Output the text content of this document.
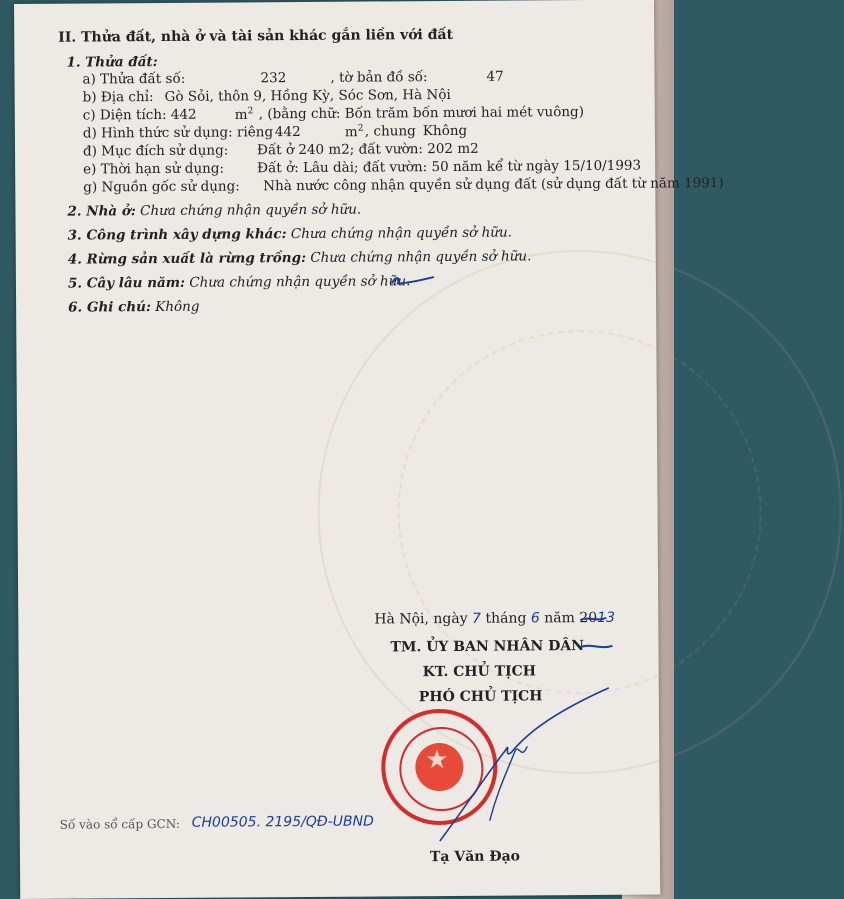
II. Thửa đất, nhà ở và tài sản khác gắn liền với đất
1. Thửa đất:
a) Thửa đất số:	232	, tờ bản đồ số:	47
b) Địa chỉ: Gò Sỏi, thôn 9, Hồng Kỳ, Sóc Sơn, Hà Nội
c) Diện tích: 442	$m^2$ , (bằng chữ: Bốn trăm bốn mươi hai mét vuông)
d) Hình thức sử dụng: riêng 442	$m^2$ , chung Không
đ) Mục đích sử dụng: Đất ở 240 m2; đất vườn: 202 m2
e) Thời hạn sử dụng: Đất ở: Lâu dài; đất vườn: 50 năm kể từ ngày 15/10/1993
g) Nguồn gốc sử dụng: Nhà nước công nhận quyền sử dụng đất (sử dụng đất từ năm 1991)
2. Nhà ở: Chưa chứng nhận quyền sở hữu.
3. Công trình xây dựng khác: Chưa chứng nhận quyền sở hữu.
4. Rừng sản xuất là rừng trồng: Chưa chứng nhận quyền sở hữu.
5. Cây lâu năm: Chưa chứng nhận quyền sở hữu.
6. Ghi chú: Không
Hà Nội, ngày 7 tháng 6 năm 2013
TM. ỦY BAN NHÂN DÂN
KT. CHỦ TỊCH
PHÓ CHỦ TỊCH
★
Tạ Văn Đạo
Số vào sổ cấp GCN: CH00505. 2195/QĐ-UBND
